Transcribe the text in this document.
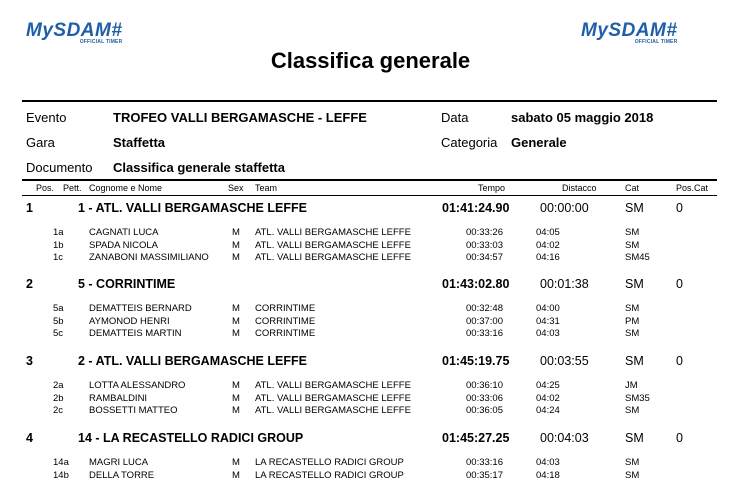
MySDAM#
OFFICIAL TIMER
MySDAM#
OFFICIAL TIMER
Classifica generale
Evento	TROFEO VALLI BERGAMASCHE - LEFFE	Data	sabato 05 maggio 2018
Gara	Staffetta	Categoria Generale
Documento Classifica generale staffetta
Pos. Pett. Cognome e Nome	Sex Team	Tempo	Distacco	Cat	Pos.Cat
1	1 - ATL. VALLI BERGAMASCHE LEFFE	01:41:24.90 00:00:00	SM	0
1a	CAGNATI LUCA	M ATL. VALLI BERGAMASCHE LEFFE	00:33:26	04:05	SM
1b	SPADA NICOLA	M ATL. VALLI BERGAMASCHE LEFFE	00:33:03	04:02	SM
1c	ZANABONI MASSIMILIANO M ATL. VALLI BERGAMASCHE LEFFE	00:34:57	04:16	SM45
2	5 - CORRINTIME	01:43:02.80 00:01:38	SM	0
5a	DEMATTEIS BERNARD	M CORRINTIME	00:32:48	04:00	SM
5b	AYMONOD HENRI	M CORRINTIME	00:37:00	04:31	PM
5c	DEMATTEIS MARTIN	M CORRINTIME	00:33:16	04:03	SM
3	2 - ATL. VALLI BERGAMASCHE LEFFE	01:45:19.75 00:03:55	SM	0
2a	LOTTA ALESSANDRO	M ATL. VALLI BERGAMASCHE LEFFE	00:36:10	04:25	JM
2b	RAMBALDINI	M ATL. VALLI BERGAMASCHE LEFFE	00:33:06	04:02	SM35
2c	BOSSETTI MATTEO	M ATL. VALLI BERGAMASCHE LEFFE	00:36:05	04:24	SM
4	14 - LA RECASTELLO RADICI GROUP	01:45:27.25 00:04:03	SM	0
14a MAGRI LUCA	M LA RECASTELLO RADICI GROUP	00:33:16	04:03	SM
14b DELLA TORRE	M LA RECASTELLO RADICI GROUP	00:35:17	04:18	SM
